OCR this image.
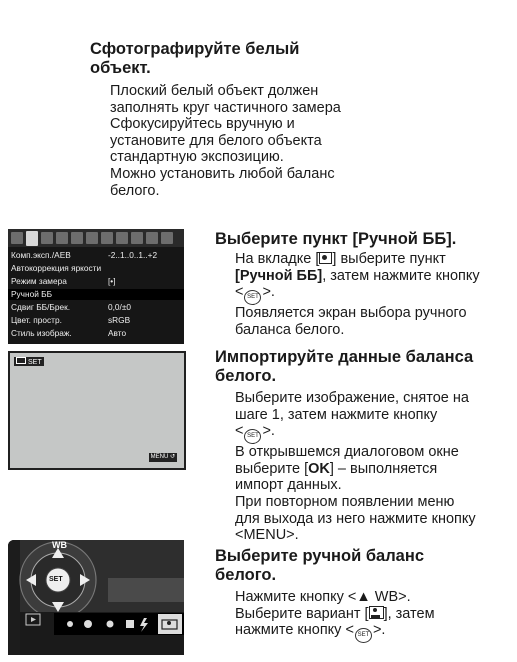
Сфотографируйте белый
объект.

Плоский белый объект должен

заполнять круг частичного замера

Сфокусируйтесь вручную и

установите для белого объекта

стандартную экспозицию.

Можно установить любой баланс

белого.

Комп.эксп./AEB	-2..1..0..1..+2
Автокоррекция яркости
Режим замера	[•]
Ручной ББ
Сдвиг ББ/Брек.	0,0/±0
Цвет. простр.	sRGB
Стиль изображ.	Авто

Выберите пункт [Ручной ББ].

На вкладке [ ] выберите пункт

[Ручной ББ], затем нажмите кнопку

< SET >.

Появляется экран выбора ручного

баланса белого.

SET
MENU ↺

Импортируйте данные баланса
белого.

Выберите изображение, снятое на

шаге 1, затем нажмите кнопку

< SET >.

В открывшемся диалоговом окне

выберите [OK] – выполняется

импорт данных.

При повторном появлении меню

для выхода из него нажмите кнопку

<MENU>.

WB
SET

Выберите ручной баланс
белого.

Нажмите кнопку <▲ WB>.

Выберите вариант [ ], затем

нажмите кнопку < SET >.
